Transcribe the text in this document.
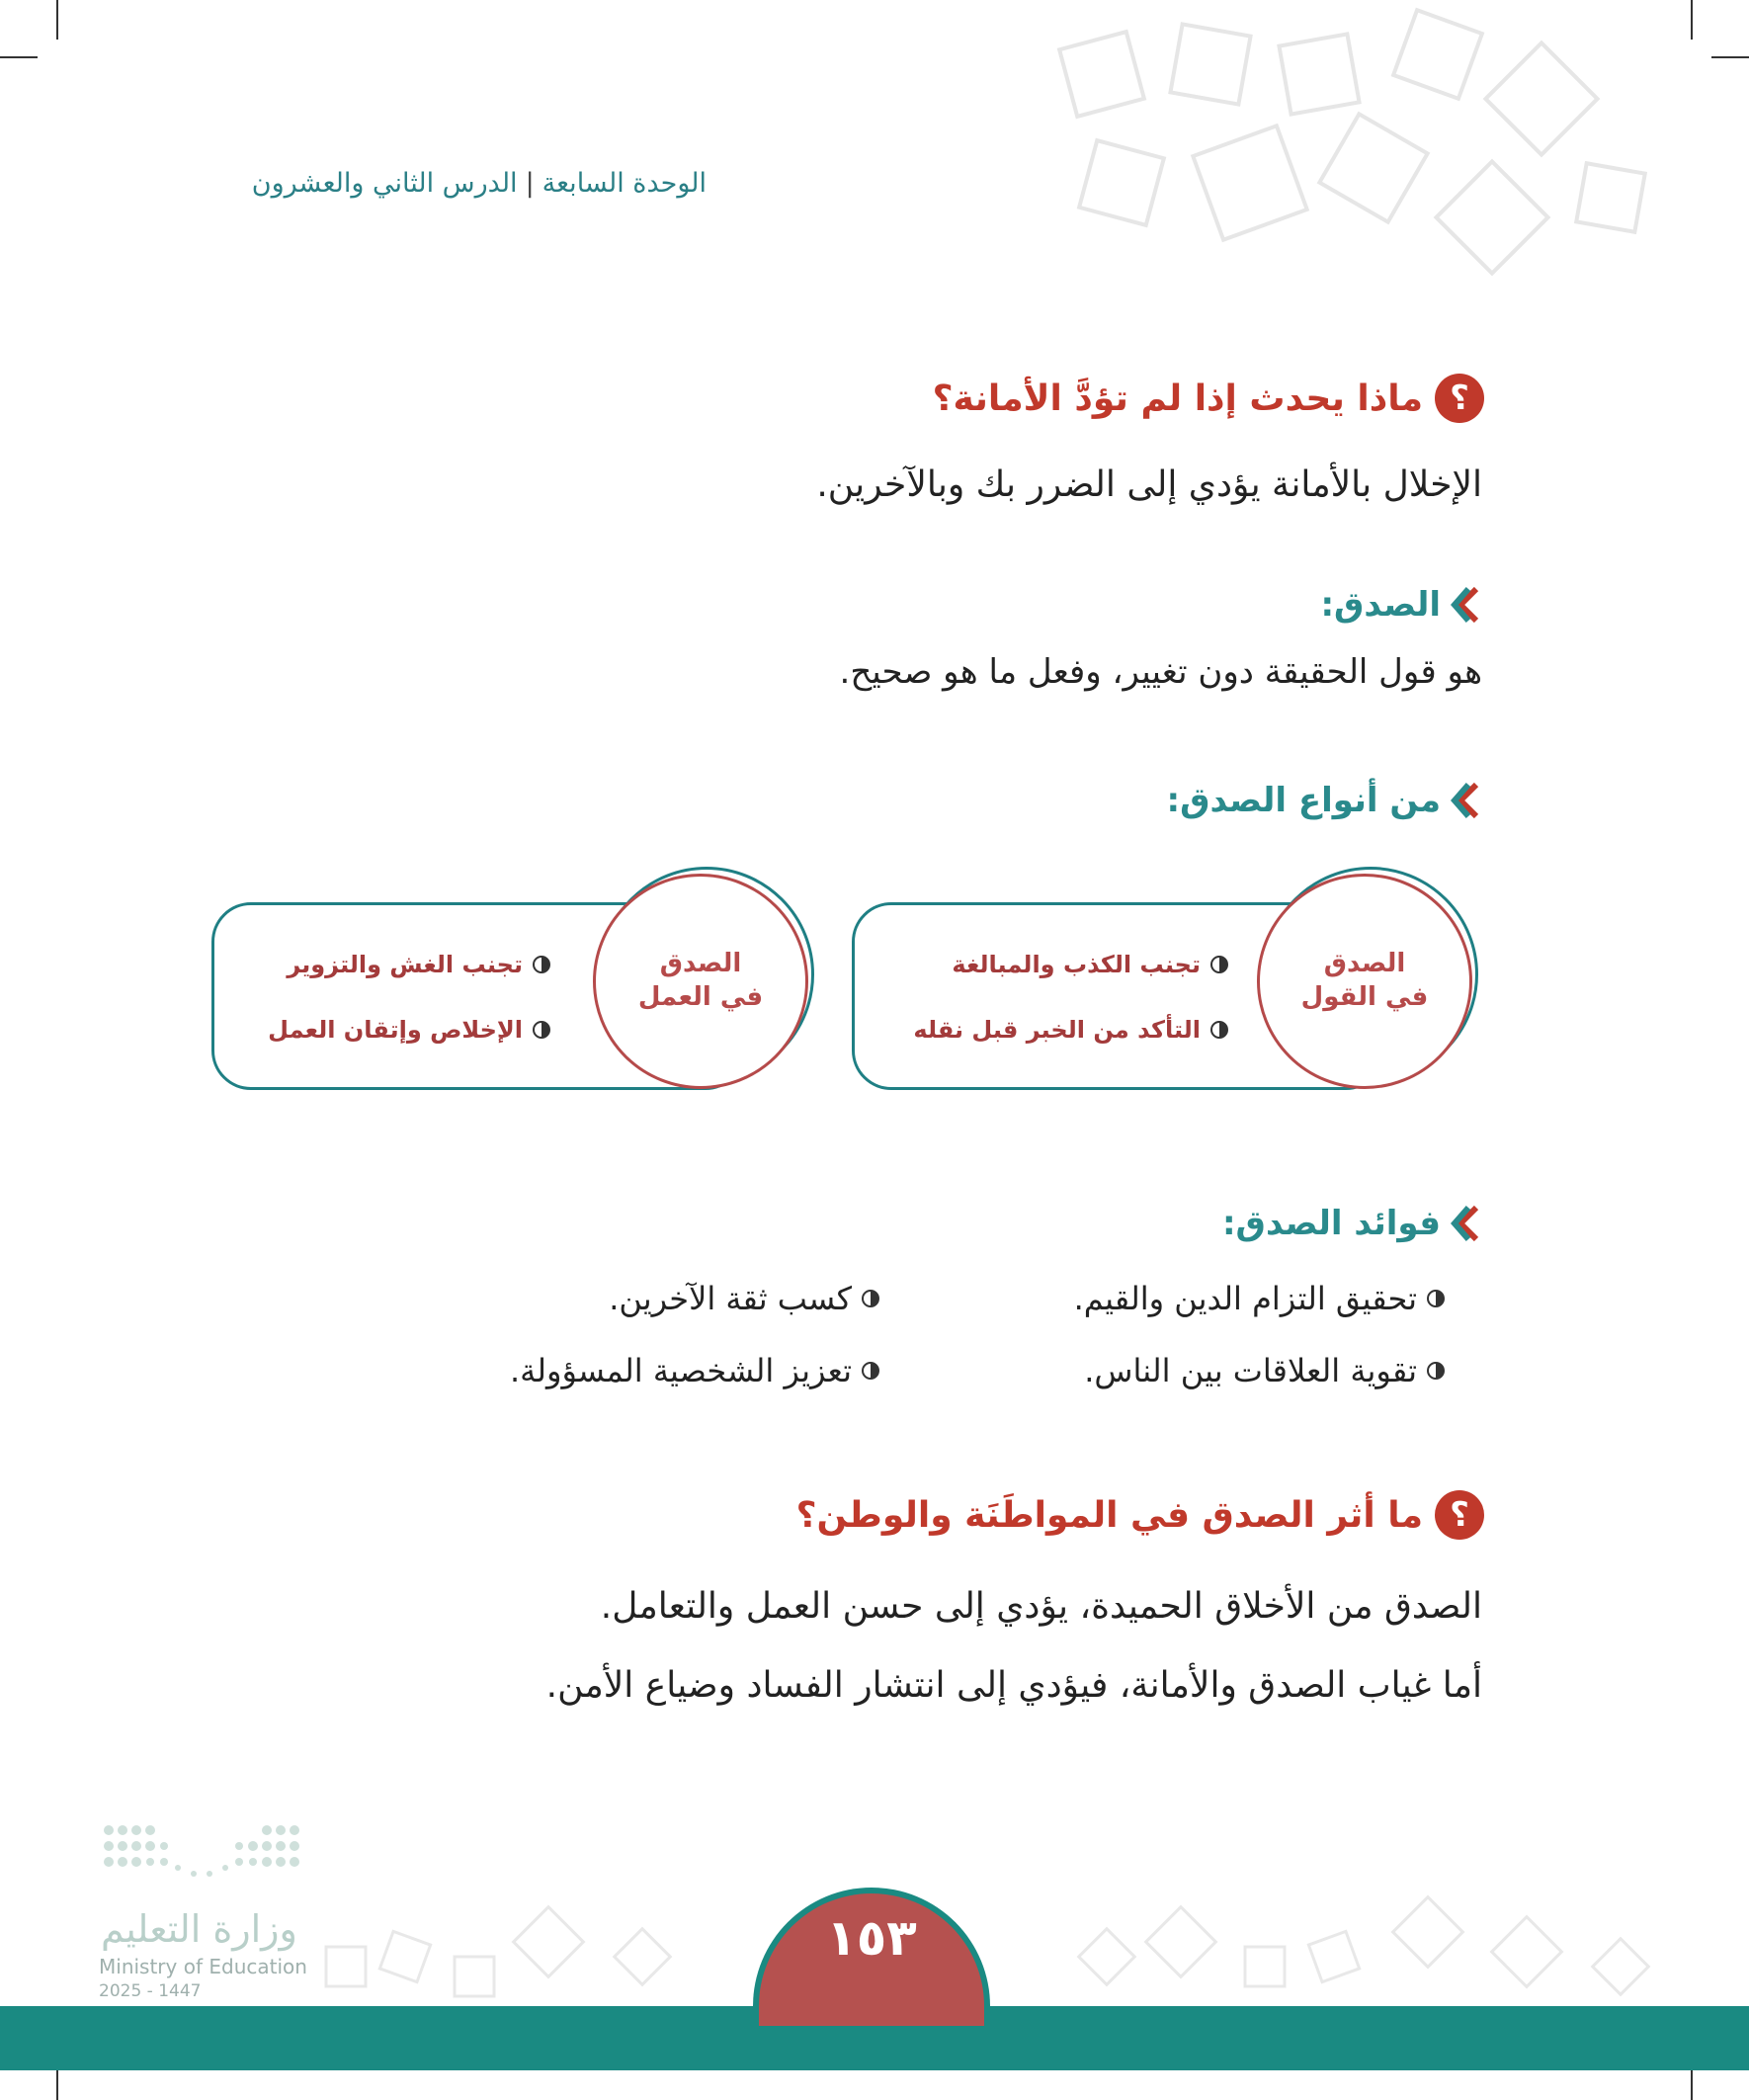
الوحدة السابعة|الدرس الثاني والعشرون
؟
ماذا يحدث إذا لم تؤدَّ الأمانة؟
الإخلال بالأمانة يؤدي إلى الضرر بك وبالآخرين.
الصدق:
هو قول الحقيقة دون تغيير، وفعل ما هو صحيح.
من أنواع الصدق:
الصدق في القول
تجنب الكذب والمبالغة
التأكد من الخبر قبل نقله
الصدق في العمل
تجنب الغش والتزوير
الإخلاص وإتقان العمل
فوائد الصدق:
تحقيق التزام الدين والقيم.
كسب ثقة الآخرين.
تقوية العلاقات بين الناس.
تعزيز الشخصية المسؤولة.
؟
ما أثر الصدق في المواطَنَة والوطن؟
الصدق من الأخلاق الحميدة، يؤدي إلى حسن العمل والتعامل.
أما غياب الصدق والأمانة، فيؤدي إلى انتشار الفساد وضياع الأمن.
وزارة التعليم
Ministry of Education
2025 - 1447
١٥٣
